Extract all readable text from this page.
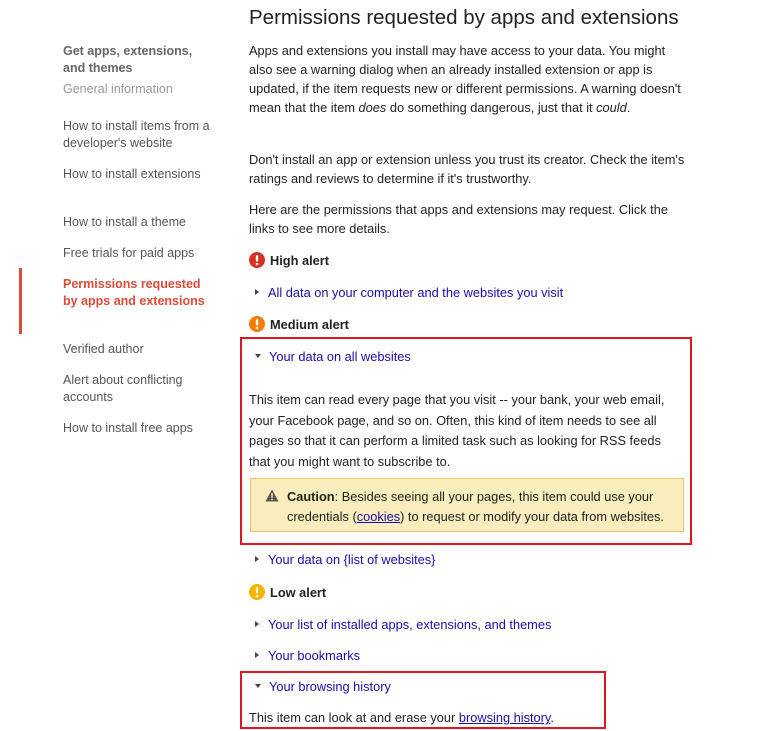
Get apps, extensions, and themes
General information
How to install items from a developer's website
How to install extensions
How to install a theme
Free trials for paid apps
Permissions requested by apps and extensions
Verified author
Alert about conflicting accounts
How to install free apps
Permissions requested by apps and extensions
Apps and extensions you install may have access to your data. You might also see a warning dialog when an already installed extension or app is updated, if the item requests new or different permissions. A warning doesn't mean that the item does do something dangerous, just that it could.
Don't install an app or extension unless you trust its creator. Check the item's ratings and reviews to determine if it's trustworthy.
Here are the permissions that apps and extensions may request. Click the links to see more details.
High alert
All data on your computer and the websites you visit
Medium alert
Your data on all websites
This item can read every page that you visit -- your bank, your web email, your Facebook page, and so on. Often, this kind of item needs to see all pages so that it can perform a limited task such as looking for RSS feeds that you might want to subscribe to.
Caution: Besides seeing all your pages, this item could use your credentials (cookies) to request or modify your data from websites.
Your data on {list of websites}
Low alert
Your list of installed apps, extensions, and themes
Your bookmarks
Your browsing history
This item can look at and erase your browsing history.
